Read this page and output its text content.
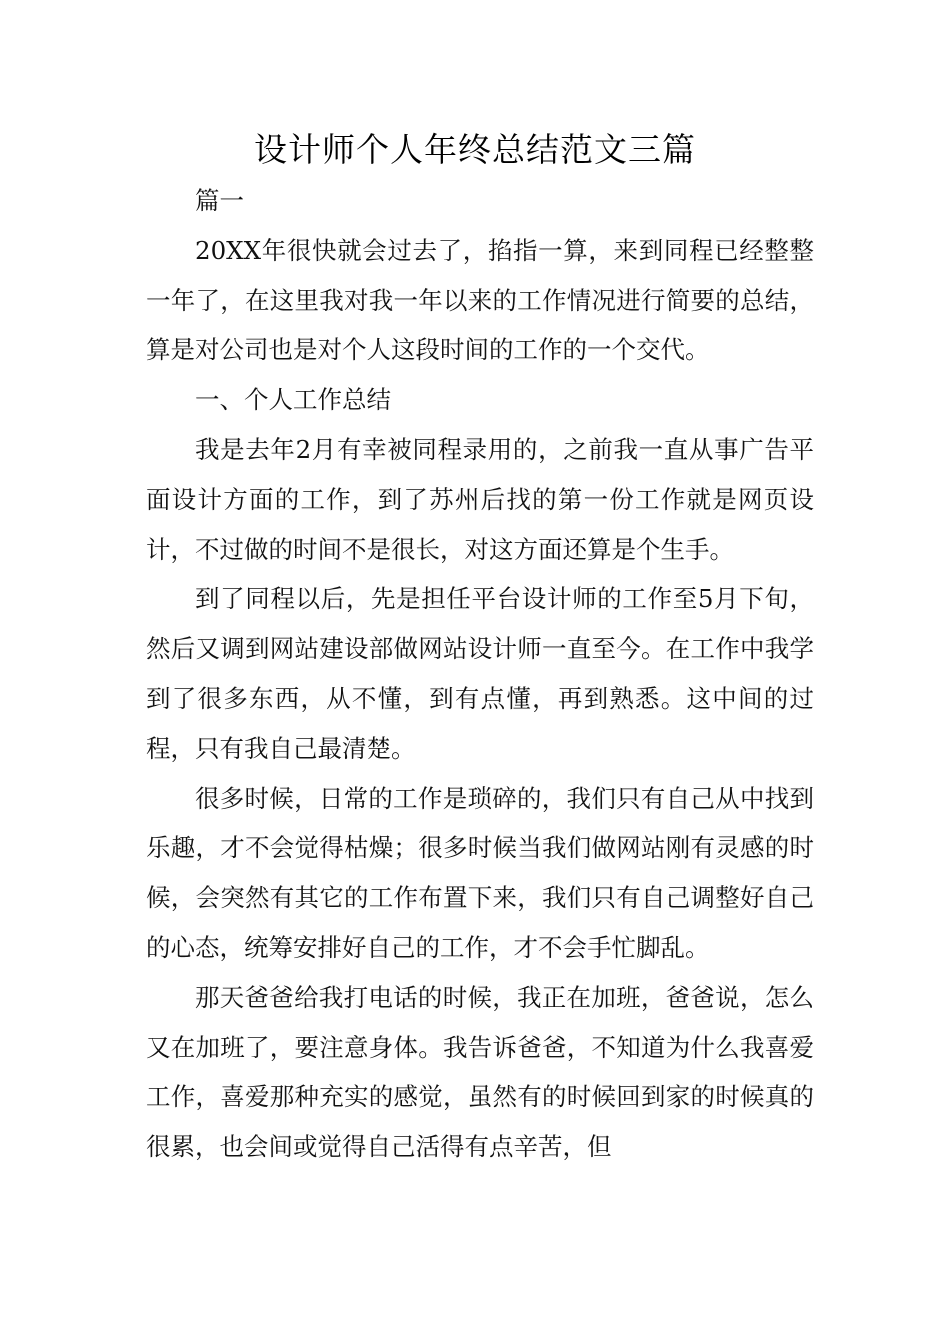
设计师个人年终总结范文三篇

篇一

20XX年很快就会过去了，掐指一算，来到同程已经整整一年了，在这里我对我一年以来的工作情况进行简要的总结，算是对公司也是对个人这段时间的工作的一个交代。

一、个人工作总结

我是去年2月有幸被同程录用的，之前我一直从事广告平面设计方面的工作，到了苏州后找的第一份工作就是网页设计，不过做的时间不是很长，对这方面还算是个生手。

到了同程以后，先是担任平台设计师的工作至5月下旬，然后又调到网站建设部做网站设计师一直至今。在工作中我学到了很多东西，从不懂，到有点懂，再到熟悉。这中间的过程，只有我自己最清楚。

很多时候，日常的工作是琐碎的，我们只有自己从中找到乐趣，才不会觉得枯燥；很多时候当我们做网站刚有灵感的时候，会突然有其它的工作布置下来，我们只有自己调整好自己的心态，统筹安排好自己的工作，才不会手忙脚乱。

那天爸爸给我打电话的时候，我正在加班，爸爸说，怎么又在加班了，要注意身体。我告诉爸爸，不知道为什么我喜爱工作，喜爱那种充实的感觉，虽然有的时候回到家的时候真的很累，也会间或觉得自己活得有点辛苦，但
